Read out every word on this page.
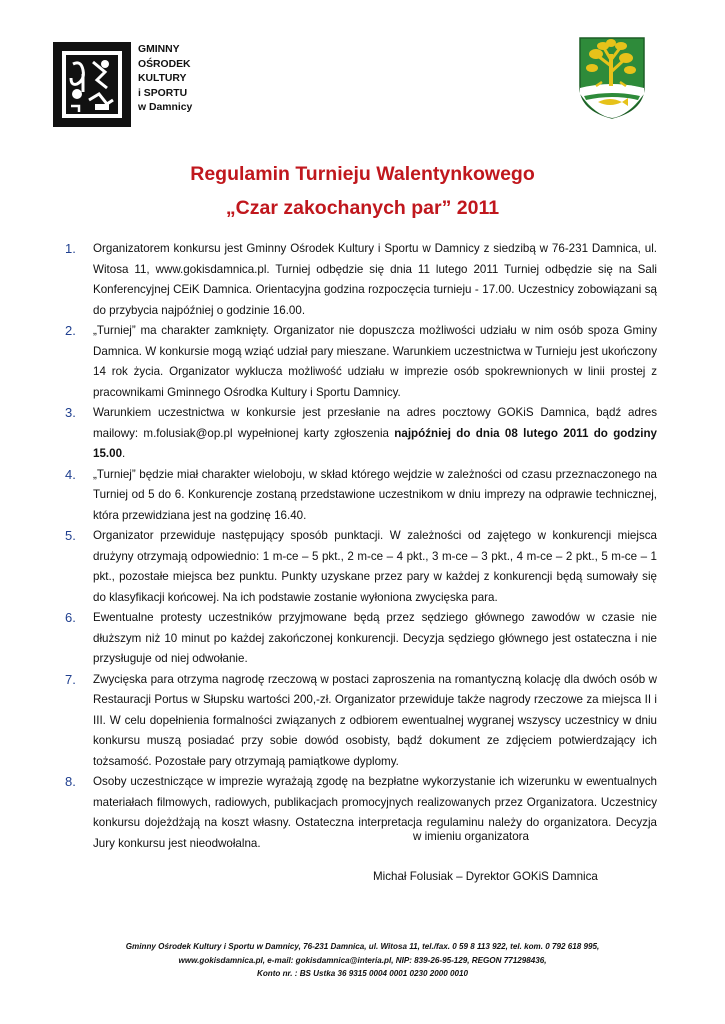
GMINNY
OŚRODEK
KULTURY
i SPORTU
w Damnicy
Regulamin Turnieju Walentynkowego
„Czar zakochanych par” 2011
1. Organizatorem konkursu jest Gminny Ośrodek Kultury i Sportu w Damnicy z siedzibą w 76-231 Damnica, ul. Witosa 11, www.gokisdamnica.pl. Turniej odbędzie się dnia 11 lutego 2011 Turniej odbędzie się na Sali Konferencyjnej CEiK Damnica. Orientacyjna godzina rozpoczęcia turnieju - 17.00. Uczestnicy zobowiązani są do przybycia najpóźniej o godzinie 16.00.
2. „Turniej” ma charakter zamknięty. Organizator nie dopuszcza możliwości udziału w nim osób spoza Gminy Damnica. W konkursie mogą wziąć udział pary mieszane. Warunkiem uczestnictwa w Turnieju jest ukończony 14 rok życia. Organizator wyklucza możliwość udziału w imprezie osób spokrewnionych w linii prostej z pracownikami Gminnego Ośrodka Kultury i Sportu Damnicy.
3. Warunkiem uczestnictwa w konkursie jest przesłanie na adres pocztowy GOKiS Damnica, bądź adres mailowy: m.folusiak@op.pl wypełnionej karty zgłoszenia najpóźniej do dnia 08 lutego 2011 do godziny 15.00.
4. „Turniej” będzie miał charakter wieloboju, w skład którego wejdzie w zależności od czasu przeznaczonego na Turniej od 5 do 6. Konkurencje zostaną przedstawione uczestnikom w dniu imprezy na odprawie technicznej, która przewidziana jest na godzinę 16.40.
5. Organizator przewiduje następujący sposób punktacji. W zależności od zajętego w konkurencji miejsca drużyny otrzymają odpowiednio: 1 m-ce – 5 pkt., 2 m-ce – 4 pkt., 3 m-ce – 3 pkt., 4 m-ce – 2 pkt., 5 m-ce – 1 pkt., pozostałe miejsca bez punktu. Punkty uzyskane przez pary w każdej z konkurencji będą sumowały się do klasyfikacji końcowej. Na ich podstawie zostanie wyłoniona zwycięska para.
6. Ewentualne protesty uczestników przyjmowane będą przez sędziego głównego zawodów w czasie nie dłuższym niż 10 minut po każdej zakończonej konkurencji. Decyzja sędziego głównego jest ostateczna i nie przysługuje od niej odwołanie.
7. Zwycięska para otrzyma nagrodę rzeczową w postaci zaproszenia na romantyczną kolację dla dwóch osób w Restauracji Portus w Słupsku wartości 200,-zł. Organizator przewiduje także nagrody rzeczowe za miejsca II i III. W celu dopełnienia formalności związanych z odbiorem ewentualnej wygranej wszyscy uczestnicy w dniu konkursu muszą posiadać przy sobie dowód osobisty, bądź dokument ze zdjęciem potwierdzający ich tożsamość. Pozostałe pary otrzymają pamiątkowe dyplomy.
8. Osoby uczestniczące w imprezie wyrażają zgodę na bezpłatne wykorzystanie ich wizerunku w ewentualnych materiałach filmowych, radiowych, publikacjach promocyjnych realizowanych przez Organizatora. Uczestnicy konkursu dojeżdżają na koszt własny. Ostateczna interpretacja regulaminu należy do organizatora. Decyzja Jury konkursu jest nieodwołalna.	w imieniu organizatora
Michał Folusiak – Dyrektor GOKiS Damnica
Gminny Ośrodek Kultury i Sportu w Damnicy, 76-231 Damnica, ul. Witosa 11, tel./fax. 0 59 8 113 922, tel. kom. 0 792 618 995,
www.gokisdamnica.pl, e-mail: gokisdamnica@interia.pl, NIP: 839-26-95-129, REGON 771298436,
Konto nr. : BS Ustka 36 9315 0004 0001 0230 2000 0010
